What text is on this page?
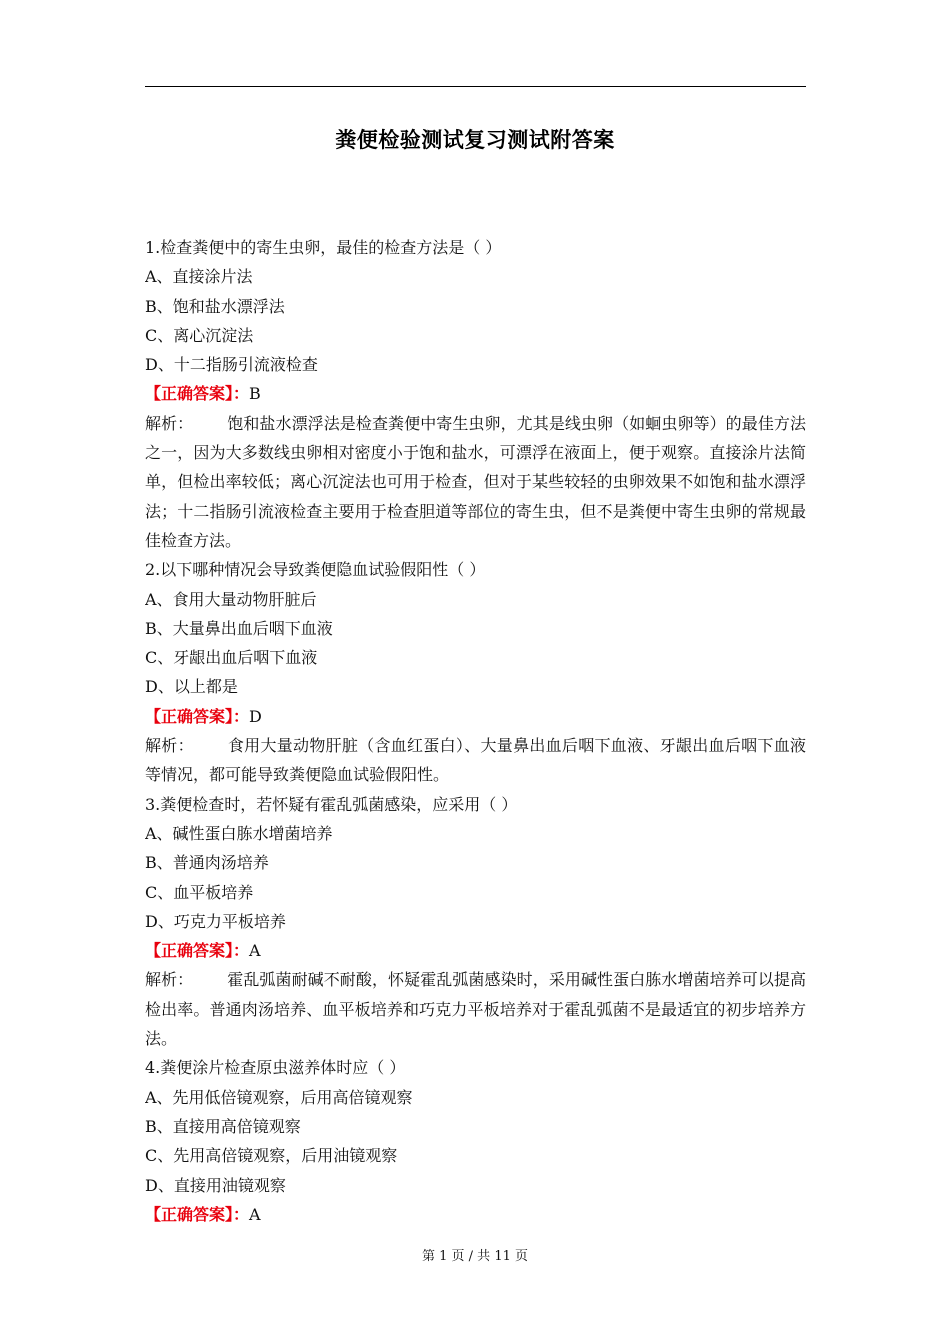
粪便检验测试复习测试附答案

1.检查粪便中的寄生虫卵，最佳的检查方法是（ ）

A、直接涂片法

B、饱和盐水漂浮法

C、离心沉淀法

D、十二指肠引流液检查

【正确答案】：B

解析： 饱和盐水漂浮法是检查粪便中寄生虫卵，尤其是线虫卵（如蛔虫卵等）的最佳方法之一，因为大多数线虫卵相对密度小于饱和盐水，可漂浮在液面上，便于观察。直接涂片法简单，但检出率较低；离心沉淀法也可用于检查，但对于某些较轻的虫卵效果不如饱和盐水漂浮法；十二指肠引流液检查主要用于检查胆道等部位的寄生虫，但不是粪便中寄生虫卵的常规最佳检查方法。

2.以下哪种情况会导致粪便隐血试验假阳性（ ）

A、食用大量动物肝脏后

B、大量鼻出血后咽下血液

C、牙龈出血后咽下血液

D、以上都是

【正确答案】：D

解析： 食用大量动物肝脏（含血红蛋白）、大量鼻出血后咽下血液、牙龈出血后咽下血液等情况，都可能导致粪便隐血试验假阳性。

3.粪便检查时，若怀疑有霍乱弧菌感染，应采用（ ）

A、碱性蛋白胨水增菌培养

B、普通肉汤培养

C、血平板培养

D、巧克力平板培养

【正确答案】：A

解析： 霍乱弧菌耐碱不耐酸，怀疑霍乱弧菌感染时，采用碱性蛋白胨水增菌培养可以提高检出率。普通肉汤培养、血平板培养和巧克力平板培养对于霍乱弧菌不是最适宜的初步培养方法。

4.粪便涂片检查原虫滋养体时应（ ）

A、先用低倍镜观察，后用高倍镜观察

B、直接用高倍镜观察

C、先用高倍镜观察，后用油镜观察

D、直接用油镜观察

【正确答案】：A

第 1 页 / 共 11 页
